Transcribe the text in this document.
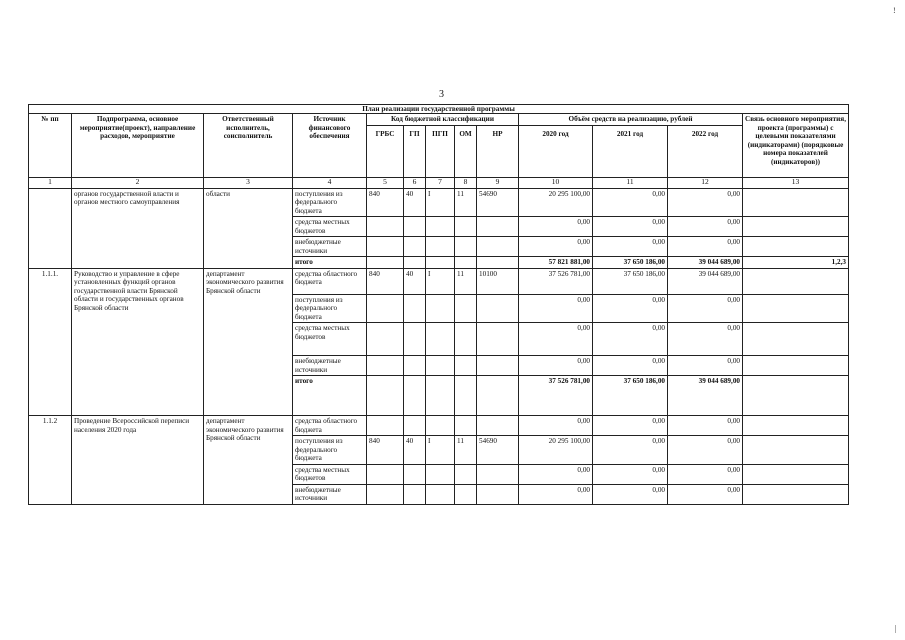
3
!
|
План реализации государственной программы												
№ пп	Подпрограмма, основное мероприятие(проект), направление расходов, мероприятие	Ответственный исполнитель, соисполнитель	Источник финансового обеспечения	Код бюджетной классификации					Объём средств на реализацию, рублей			Связь основного мероприятия, проекта (программы) с целевыми показателями (индикаторами) (порядковые номера показателей (индикаторов))
				ГРБС	ГП	ПГП	ОМ	НР	2020 год	2021 год	2022 год	
1	2	3	4	5	6	7	8	9	10	11	12	13
	органов государственной власти и органов местного самоуправления	области	поступления из федерального бюджета	840	40	I	11	54690	20 295 100,00	0,00	0,00	
			средства местных бюджетов						0,00	0,00	0,00	
			внебюджетные источники						0,00	0,00	0,00	
			итого						57 821 881,00	37 650 186,00	39 044 689,00	1,2,3
1.1.1.	Руководство и управление в сфере установленных функций органов государственной власти Брянской области и государственных органов Брянской области	департамент экономического развития Брянской области	средства областного бюджета	840	40	I	11	10100	37 526 781,00	37 650 186,00	39 044 689,00	
			поступления из федерального бюджета						0,00	0,00	0,00	
			средства местных бюджетов						0,00	0,00	0,00	
			внебюджетные источники						0,00	0,00	0,00	
			итого						37 526 781,00	37 650 186,00	39 044 689,00	
1.1.2	Проведение Всероссийской переписи населения 2020 года	департамент экономического развития Брянской области	средства областного бюджета						0,00	0,00	0,00	
			поступления из федерального бюджета	840	40	I	11	54690	20 295 100,00	0,00	0,00	
			средства местных бюджетов						0,00	0,00	0,00	
			внебюджетные источники						0,00	0,00	0,00	
